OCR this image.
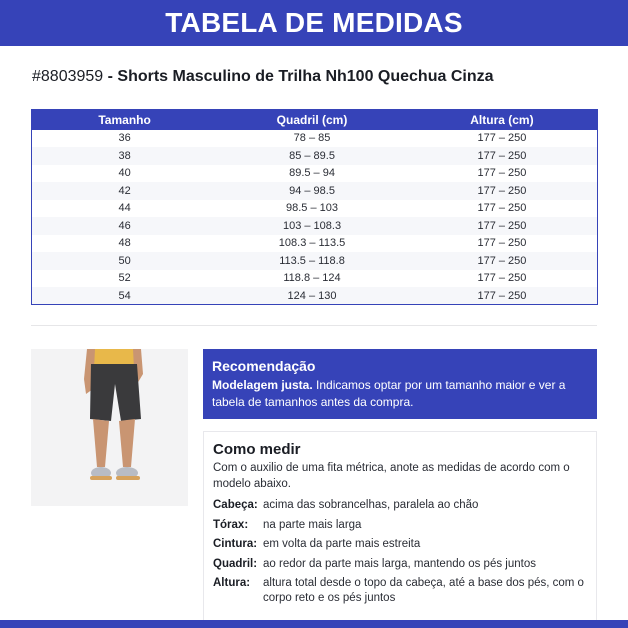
TABELA DE MEDIDAS
#8803959 - Shorts Masculino de Trilha Nh100 Quechua Cinza
Tamanho	Quadril (cm)	Altura (cm)
36	78 – 85	177 – 250
38	85 – 89.5	177 – 250
40	89.5 – 94	177 – 250
42	94 – 98.5	177 – 250
44	98.5 – 103	177 – 250
46	103 – 108.3	177 – 250
48	108.3 – 113.5	177 – 250
50	113.5 – 118.8	177 – 250
52	118.8 – 124	177 – 250
54	124 – 130	177 – 250
Recomendação
Modelagem justa. Indicamos optar por um tamanho maior e ver a tabela de tamanhos antes da compra.
Como medir
Com o auxilio de uma fita métrica, anote as medidas de acordo com o modelo abaixo.
Cabeça: acima das sobrancelhas, paralela ao chão
Tórax:	na parte mais larga
Cintura: em volta da parte mais estreita
Quadril: ao redor da parte mais larga, mantendo os pés juntos
Altura:	altura total desde o topo da cabeça, até a base dos pés, com o corpo reto e os pés juntos
